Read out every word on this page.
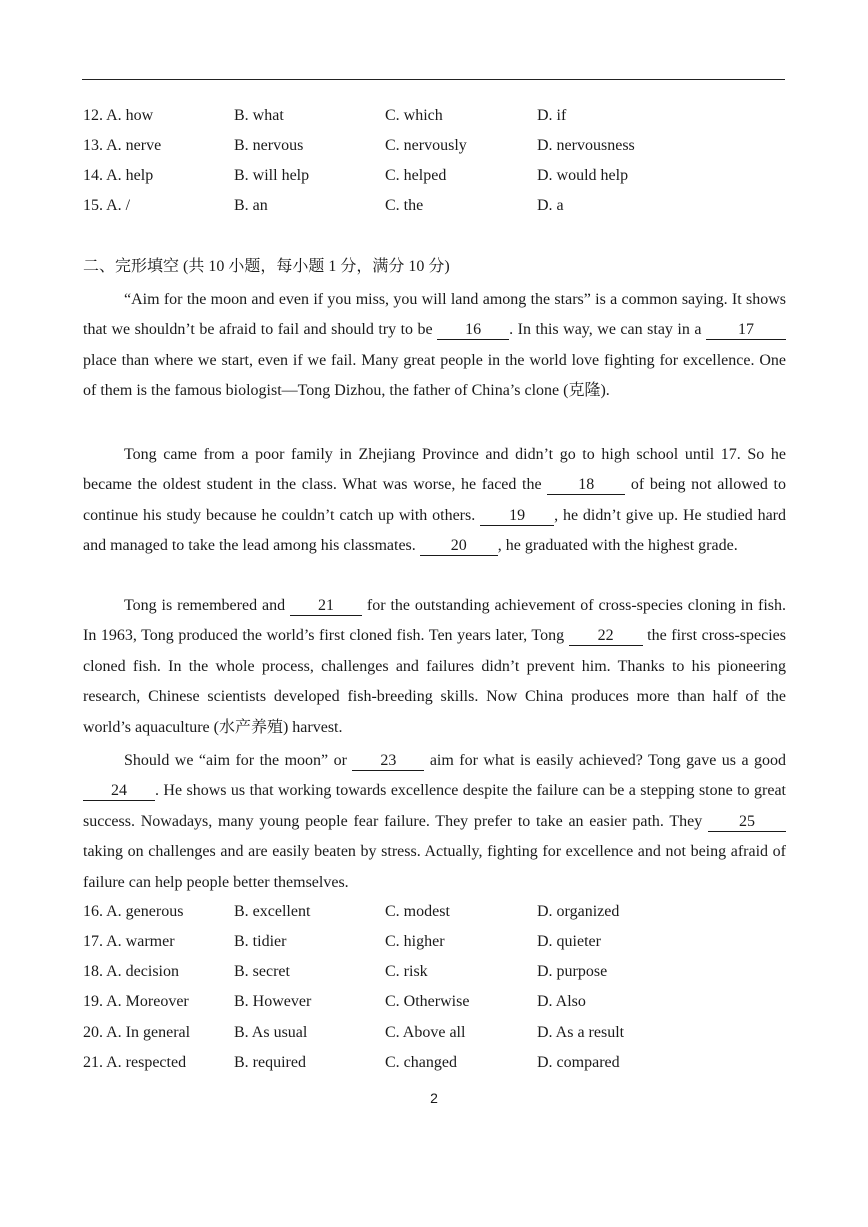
12. A. how	B. what	C. which	D. if
13. A. nerve	B. nervous	C. nervously	D. nervousness
14. A. help	B. will help	C. helped	D. would help
15. A. /	B. an	C. the	D. a
二、完形填空 (共 10 小题，每小题 1 分，满分 10 分)

“Aim for the moon and even if you miss, you will land among the stars” is a common saying. It shows that we shouldn’t be afraid to fail and should try to be 16 . In this way, we can stay in a 17 place than where we start, even if we fail. Many great people in the world love fighting for excellence. One of them is the famous biologist—Tong Dizhou, the father of China’s clone (克隆).

Tong came from a poor family in Zhejiang Province and didn’t go to high school until 17. So he became the oldest student in the class. What was worse, he faced the 18 of being not allowed to continue his study because he couldn’t catch up with others. 19 , he didn’t give up. He studied hard and managed to take the lead among his classmates. 20 , he graduated with the highest grade.

Tong is remembered and 21 for the outstanding achievement of cross-species cloning in fish. In 1963, Tong produced the world’s first cloned fish. Ten years later, Tong 22 the first cross-species cloned fish. In the whole process, challenges and failures didn’t prevent him. Thanks to his pioneering research, Chinese scientists developed fish-breeding skills. Now China produces more than half of the world’s aquaculture (水产养殖) harvest.

Should we “aim for the moon” or 23 aim for what is easily achieved? Tong gave us a good 24 . He shows us that working towards excellence despite the failure can be a stepping stone to great success. Nowadays, many young people fear failure. They prefer to take an easier path. They 25 taking on challenges and are easily beaten by stress. Actually, fighting for excellence and not being afraid of failure can help people better themselves.

16. A. generous	B. excellent	C. modest	D. organized
17. A. warmer	B. tidier	C. higher	D. quieter
18. A. decision	B. secret	C. risk	D. purpose
19. A. Moreover	B. However	C. Otherwise	D. Also
20. A. In general	B. As usual	C. Above all	D. As a result
21. A. respected	B. required	C. changed	D. compared
2
